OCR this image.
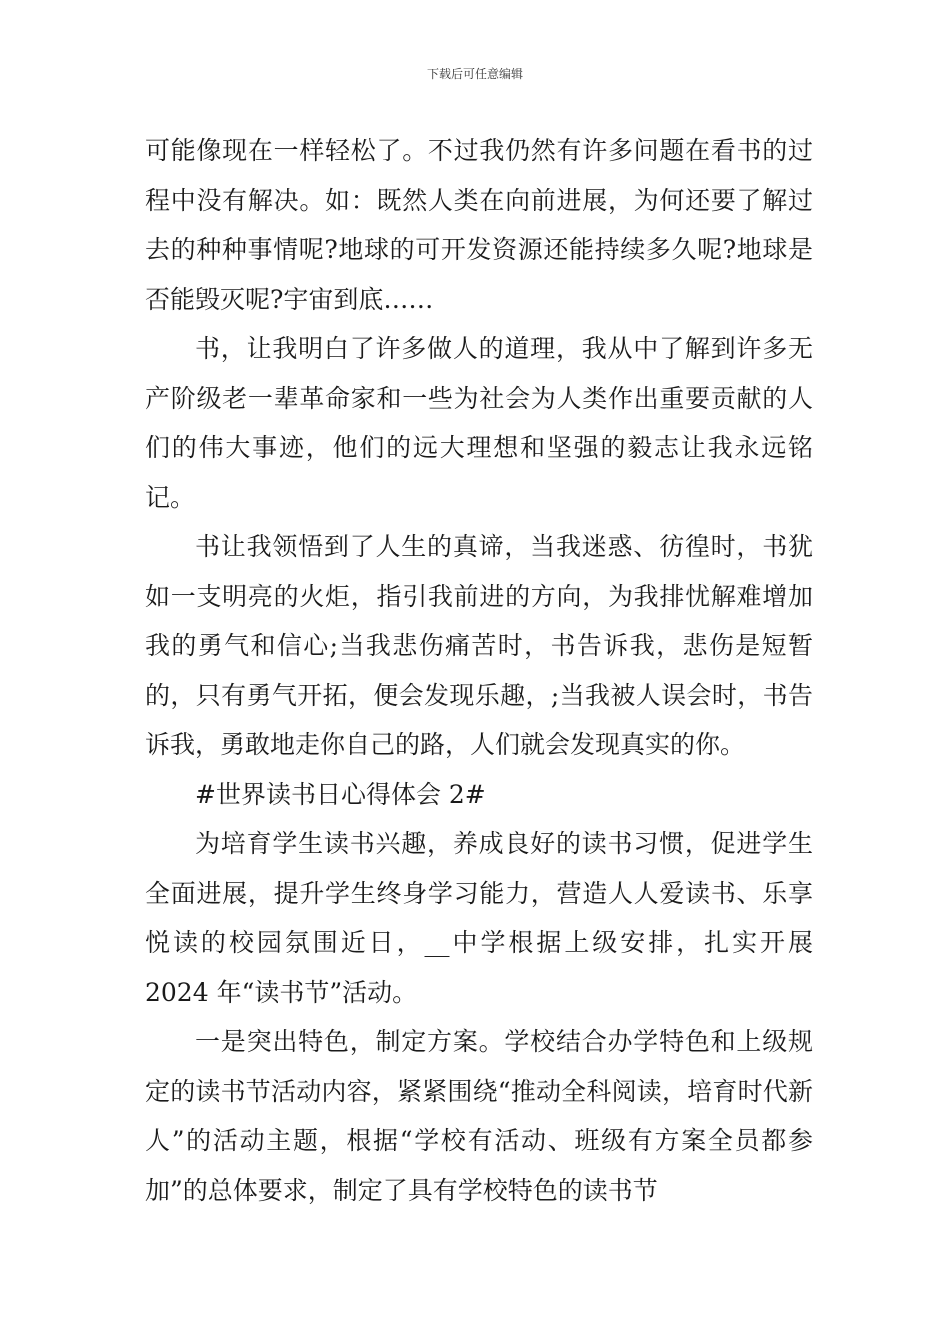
下载后可任意编辑

可能像现在一样轻松了。不过我仍然有许多问题在看书的过程中没有解决。如：既然人类在向前进展，为何还要了解过去的种种事情呢?地球的可开发资源还能持续多久呢?地球是否能毁灭呢?宇宙到底……

书，让我明白了许多做人的道理，我从中了解到许多无产阶级老一辈革命家和一些为社会为人类作出重要贡献的人们的伟大事迹，他们的远大理想和坚强的毅志让我永远铭记。

书让我领悟到了人生的真谛，当我迷惑、彷徨时，书犹如一支明亮的火炬，指引我前进的方向，为我排忧解难增加我的勇气和信心;当我悲伤痛苦时，书告诉我，悲伤是短暂的，只有勇气开拓，便会发现乐趣，;当我被人误会时，书告诉我，勇敢地走你自己的路，人们就会发现真实的你。

#世界读书日心得体会 2#

为培育学生读书兴趣，养成良好的读书习惯，促进学生全面进展，提升学生终身学习能力，营造人人爱读书、乐享悦读的校园氛围近日，__中学根据上级安排，扎实开展 2024 年“读书节”活动。

一是突出特色，制定方案。学校结合办学特色和上级规定的读书节活动内容，紧紧围绕“推动全科阅读，培育时代新人”的活动主题，根据“学校有活动、班级有方案全员都参加”的总体要求，制定了具有学校特色的读书节
